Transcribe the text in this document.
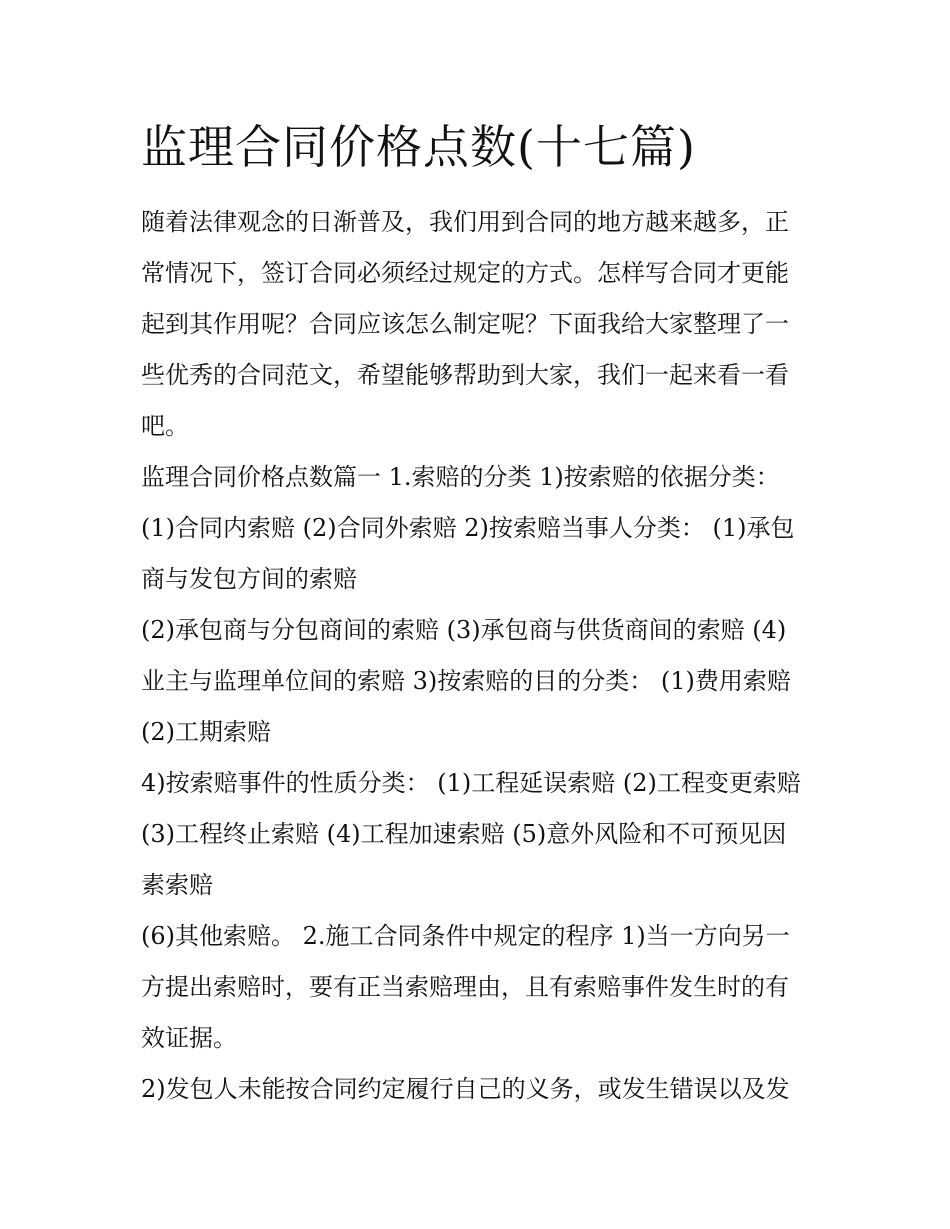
监理合同价格点数(十七篇)

随着法律观念的日渐普及，我们用到合同的地方越来越多，正

常情况下，签订合同必须经过规定的方式。怎样写合同才更能

起到其作用呢？合同应该怎么制定呢？下面我给大家整理了一

些优秀的合同范文，希望能够帮助到大家，我们一起来看一看

吧。

监理合同价格点数篇一 1.索赔的分类 1)按索赔的依据分类：

(1)合同内索赔 (2)合同外索赔 2)按索赔当事人分类： (1)承包

商与发包方间的索赔

(2)承包商与分包商间的索赔 (3)承包商与供货商间的索赔 (4)

业主与监理单位间的索赔 3)按索赔的目的分类： (1)费用索赔

(2)工期索赔

4)按索赔事件的性质分类： (1)工程延误索赔 (2)工程变更索赔

(3)工程终止索赔 (4)工程加速索赔 (5)意外风险和不可预见因

素索赔

(6)其他索赔。 2.施工合同条件中规定的程序 1)当一方向另一

方提出索赔时，要有正当索赔理由，且有索赔事件发生时的有

效证据。

2)发包人未能按合同约定履行自己的义务，或发生错误以及发
